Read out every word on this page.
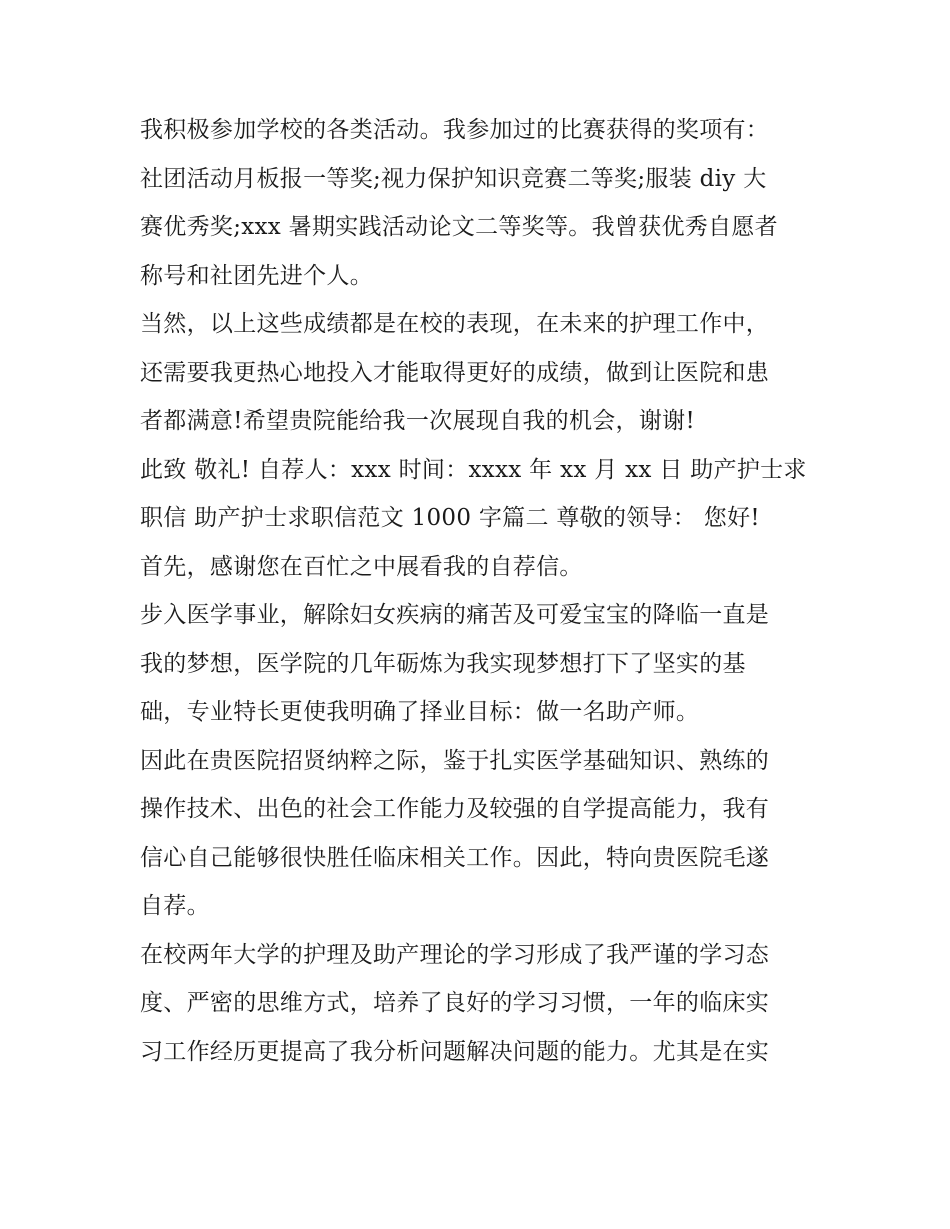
我积极参加学校的各类活动。我参加过的比赛获得的奖项有：
社团活动月板报一等奖;视力保护知识竞赛二等奖;服装 diy 大
赛优秀奖;xxx 暑期实践活动论文二等奖等。我曾获优秀自愿者
称号和社团先进个人。
当然，以上这些成绩都是在校的表现，在未来的护理工作中，
还需要我更热心地投入才能取得更好的成绩，做到让医院和患
者都满意!希望贵院能给我一次展现自我的机会，谢谢!
此致 敬礼! 自荐人：xxx 时间：xxxx 年 xx 月 xx 日 助产护士求
职信 助产护士求职信范文 1000 字篇二 尊敬的领导： 您好!
首先，感谢您在百忙之中展看我的自荐信。
步入医学事业，解除妇女疾病的痛苦及可爱宝宝的降临一直是
我的梦想，医学院的几年砺炼为我实现梦想打下了坚实的基
础，专业特长更使我明确了择业目标：做一名助产师。
因此在贵医院招贤纳粹之际，鉴于扎实医学基础知识、熟练的
操作技术、出色的社会工作能力及较强的自学提高能力，我有
信心自己能够很快胜任临床相关工作。因此，特向贵医院毛遂
自荐。
在校两年大学的护理及助产理论的学习形成了我严谨的学习态
度、严密的思维方式，培养了良好的学习习惯，一年的临床实
习工作经历更提高了我分析问题解决问题的能力。尤其是在实
